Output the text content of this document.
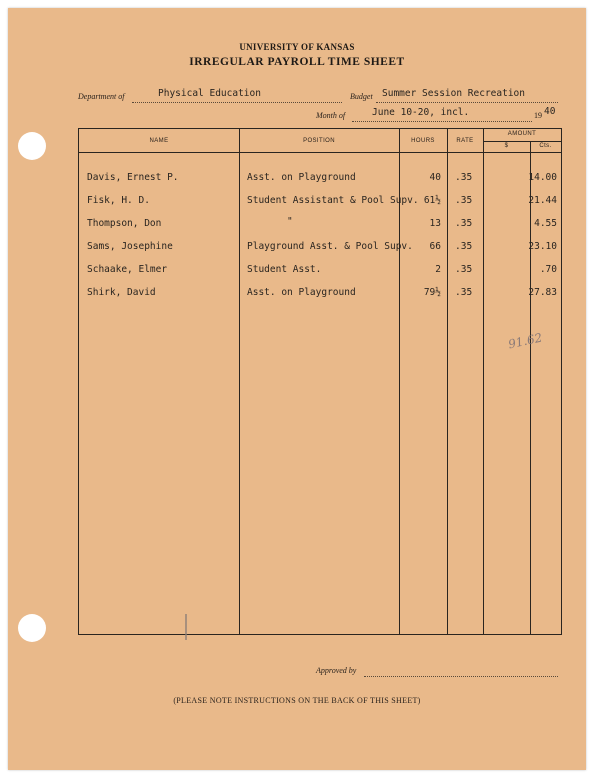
UNIVERSITY OF KANSAS
IRREGULAR PAYROLL TIME SHEET
Department of	Physical Education	Budget Summer Session Recreation
Month of	June 10-20, incl.	19 40
NAME	POSITION	HOURS	RATE
AMOUNT
$	Cts.
Davis, Ernest P.	Asst. on Playground	40 .35	14.00
Fisk, H. D.	Student Assistant & Pool Supv. 61½ .35	21.44
Thompson, Don	"	13 .35	4.55
Sams, Josephine	Playground Asst. & Pool Supv.	66 .35	23.10
Schaake, Elmer	Student Asst.	2 .35	.70
Shirk, David	Asst. on Playground	79½ .35	27.83
91.62
Approved by
(PLEASE NOTE INSTRUCTIONS ON THE BACK OF THIS SHEET)
